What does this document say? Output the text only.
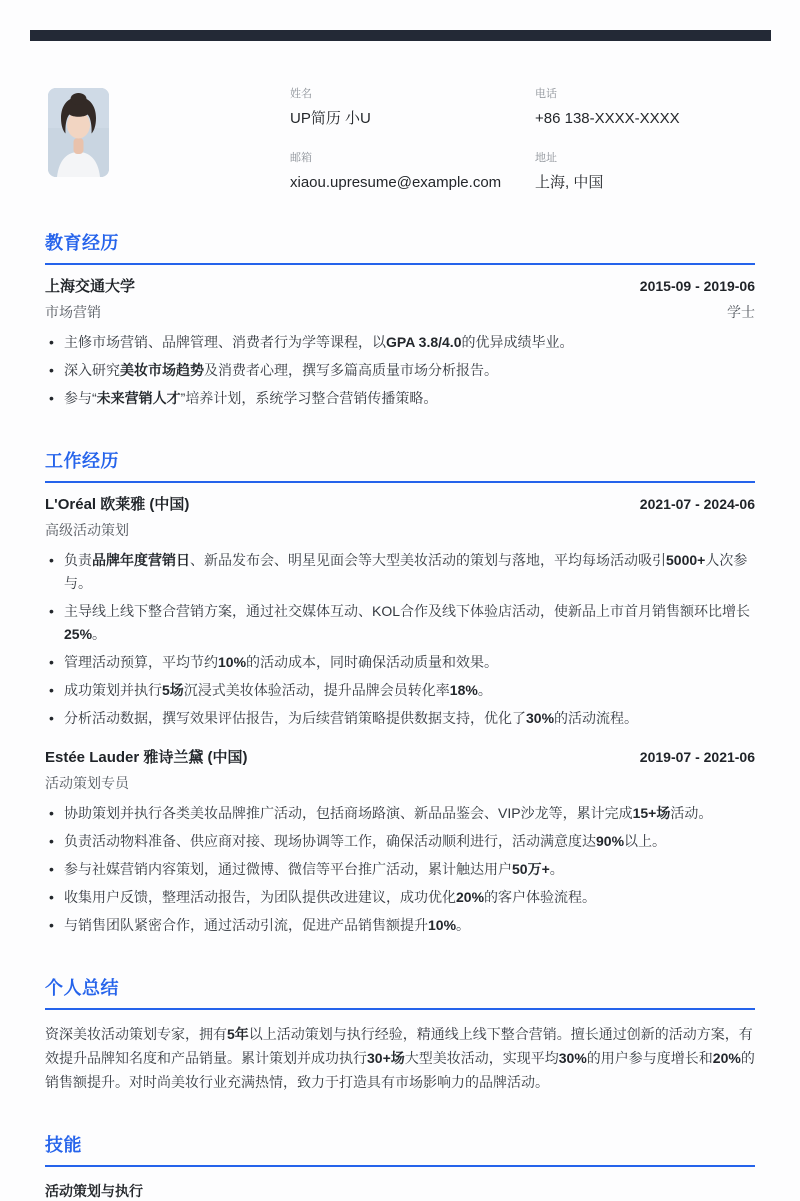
姓名
UP简历 小U
电话
+86 138-XXXX-XXXX
邮箱
xiaou.upresume@example.com
地址
上海, 中国
教育经历
上海交通大学	2015-09 - 2019-06
市场营销	学士
• 主修市场营销、品牌管理、消费者行为学等课程，以GPA 3.8/4.0的优异成绩毕业。
• 深入研究美妆市场趋势及消费者心理，撰写多篇高质量市场分析报告。
• 参与“未来营销人才”培养计划，系统学习整合营销传播策略。
工作经历
L'Oréal 欧莱雅 (中国)	2021-07 - 2024-06
高级活动策划
• 负责品牌年度营销日、新品发布会、明星见面会等大型美妆活动的策划与落地，平均每场活动吸引5000+人次参与。
• 主导线上线下整合营销方案，通过社交媒体互动、KOL合作及线下体验店活动，使新品上市首月销售额环比增长25%。
• 管理活动预算，平均节约10%的活动成本，同时确保活动质量和效果。
• 成功策划并执行5场沉浸式美妆体验活动，提升品牌会员转化率18%。
• 分析活动数据，撰写效果评估报告，为后续营销策略提供数据支持，优化了30%的活动流程。
Estée Lauder 雅诗兰黛 (中国)	2019-07 - 2021-06
活动策划专员
• 协助策划并执行各类美妆品牌推广活动，包括商场路演、新品品鉴会、VIP沙龙等，累计完成15+场活动。
• 负责活动物料准备、供应商对接、现场协调等工作，确保活动顺利进行，活动满意度达90%以上。
• 参与社媒营销内容策划，通过微博、微信等平台推广活动，累计触达用户50万+。
• 收集用户反馈，整理活动报告，为团队提供改进建议，成功优化20%的客户体验流程。
• 与销售团队紧密合作，通过活动引流，促进产品销售额提升10%。
个人总结

资深美妆活动策划专家，拥有5年以上活动策划与执行经验，精通线上线下整合营销。擅长通过创新的活动方案，有效提升品牌知名度和产品销量。累计策划并成功执行30+场大型美妆活动，实现平均30%的用户参与度增长和20%的销售额提升。对时尚美妆行业充满热情，致力于打造具有市场影响力的品牌活动。

技能
活动策划与执行
